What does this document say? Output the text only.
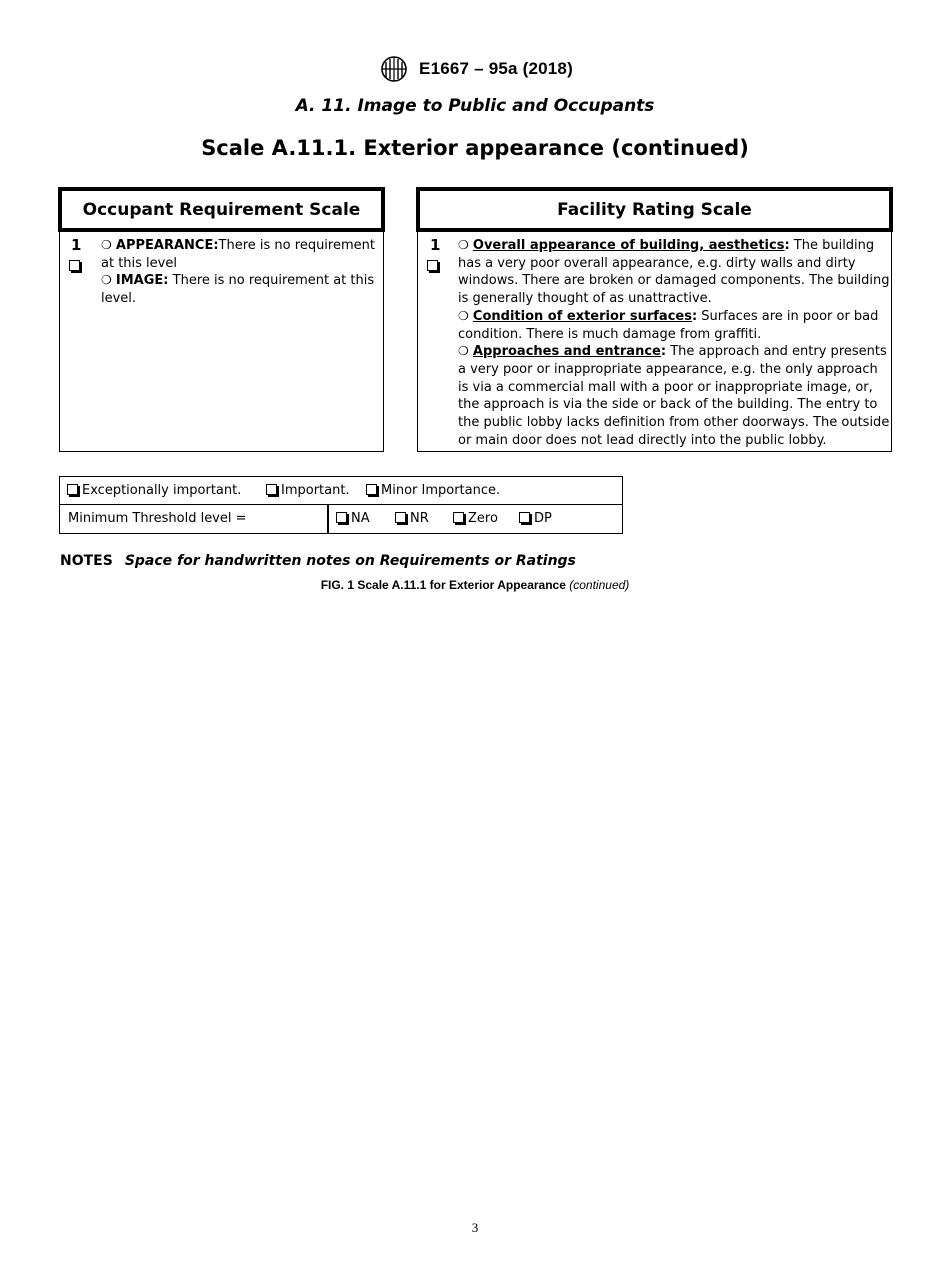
E1667 – 95a (2018)
A. 11. Image to Public and Occupants
Scale A.11.1. Exterior appearance (continued)
Occupant Requirement Scale
1 ❍ APPEARANCE:There is no requirement at this level
❍ IMAGE: There is no requirement at this level.
Facility Rating Scale
1 ❍ Overall appearance of building, aesthetics: The building has a very poor overall appearance, e.g. dirty walls and dirty windows. There are broken or damaged components. The building is generally thought of as unattractive.
❍ Condition of exterior surfaces: Surfaces are in poor or bad condition. There is much damage from graffiti.
❍ Approaches and entrance: The approach and entry presents a very poor or inappropriate appearance, e.g. the only approach is via a commercial mall with a poor or inappropriate image, or, the approach is via the side or back of the building. The entry to the public lobby lacks definition from other doorways. The outside or main door does not lead directly into the public lobby.
Exceptionally important.	Important.	Minor Importance.
Minimum Threshold level =	NA	NR	Zero	DP
NOTES Space for handwritten notes on Requirements or Ratings
FIG. 1 Scale A.11.1 for Exterior Appearance (continued)
3
